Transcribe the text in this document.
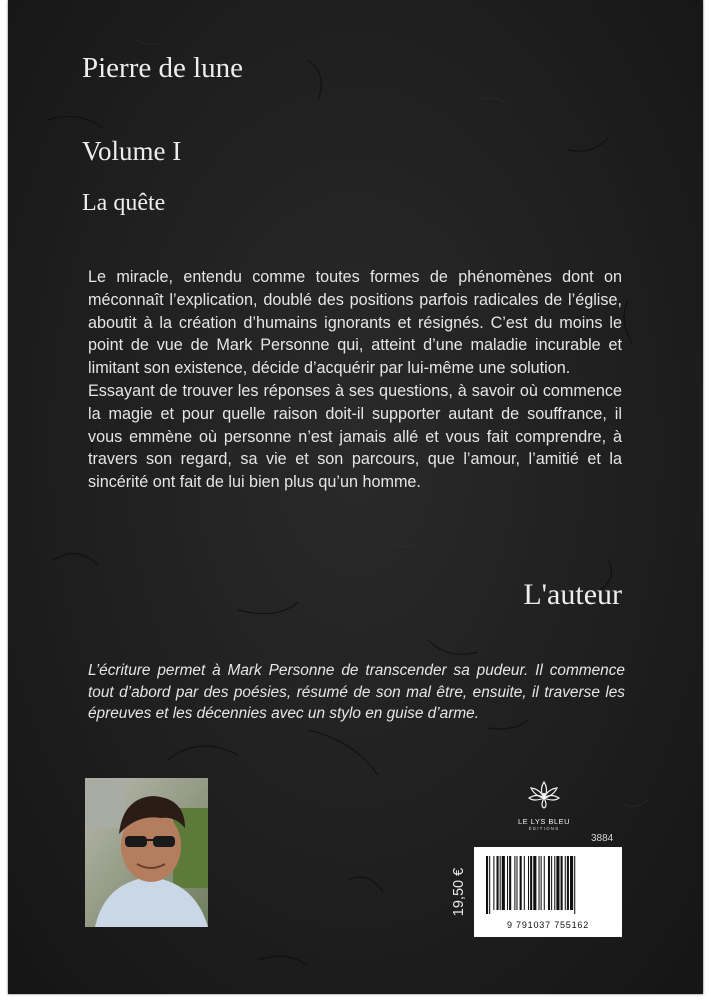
Pierre de lune
Volume I
La quête

Le miracle, entendu comme toutes formes de phénomènes dont on méconnaît l’explication, doublé des positions parfois radicales de l’église, aboutit à la création d’humains ignorants et résignés. C’est du moins le point de vue de Mark Personne qui, atteint d’une maladie incurable et limitant son existence, décide d’acquérir par lui-même une solution.

Essayant de trouver les réponses à ses questions, à savoir où commence la magie et pour quelle raison doit-il supporter autant de souffrance, il vous emmène où personne n’est jamais allé et vous fait comprendre, à travers son regard, sa vie et son parcours, que l’amour, l’amitié et la sincérité ont fait de lui bien plus qu’un homme.

L'auteur
L’écriture permet à Mark Personne de transcender sa pudeur. Il commence tout d’abord par des poésies, résumé de son mal être, ensuite, il traverse les épreuves et les décennies avec un stylo en guise d’arme.
LE LYS BLEU
ÉDITIONS
3884
19,50 €
9 791037 755162
